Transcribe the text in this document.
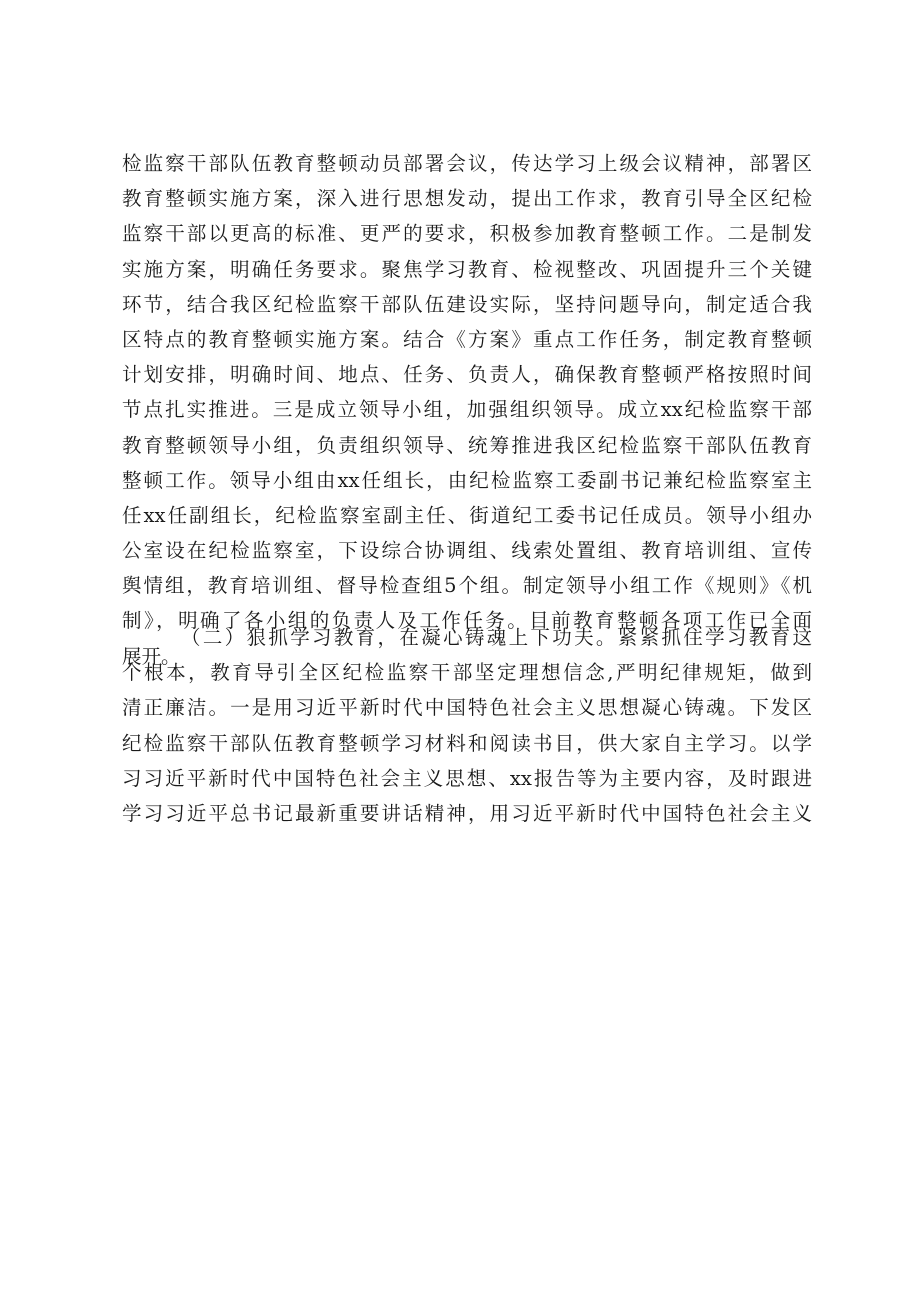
检监察干部队伍教育整顿动员部署会议，传达学习上级会议精神，部署区
教育整顿实施方案，深入进行思想发动，提出工作求，教育引导全区纪检
监察干部以更高的标准、更严的要求，积极参加教育整顿工作。二是制发
实施方案，明确任务要求。聚焦学习教育、检视整改、巩固提升三个关键
环节，结合我区纪检监察干部队伍建设实际，坚持问题导向，制定适合我
区特点的教育整顿实施方案。结合《方案》重点工作任务，制定教育整顿
计划安排，明确时间、地点、任务、负责人，确保教育整顿严格按照时间
节点扎实推进。三是成立领导小组，加强组织领导。成立xx纪检监察干部
教育整顿领导小组，负责组织领导、统筹推进我区纪检监察干部队伍教育
整顿工作。领导小组由xx任组长，由纪检监察工委副书记兼纪检监察室主
任xx任副组长，纪检监察室副主任、街道纪工委书记任成员。领导小组办
公室设在纪检监察室，下设综合协调组、线索处置组、教育培训组、宣传
舆情组，教育培训组、督导检查组5个组。制定领导小组工作《规则》《机
制》，明确了各小组的负责人及工作任务。目前教育整顿各项工作已全面
展开。
（二）狠抓学习教育，在凝心铸魂上下功夫。紧紧抓住学习教育这
个根本，教育导引全区纪检监察干部坚定理想信念,严明纪律规矩，做到
清正廉洁。一是用习近平新时代中国特色社会主义思想凝心铸魂。下发区
纪检监察干部队伍教育整顿学习材料和阅读书目，供大家自主学习。以学
习习近平新时代中国特色社会主义思想、xx报告等为主要内容，及时跟进
学习习近平总书记最新重要讲话精神，用习近平新时代中国特色社会主义
